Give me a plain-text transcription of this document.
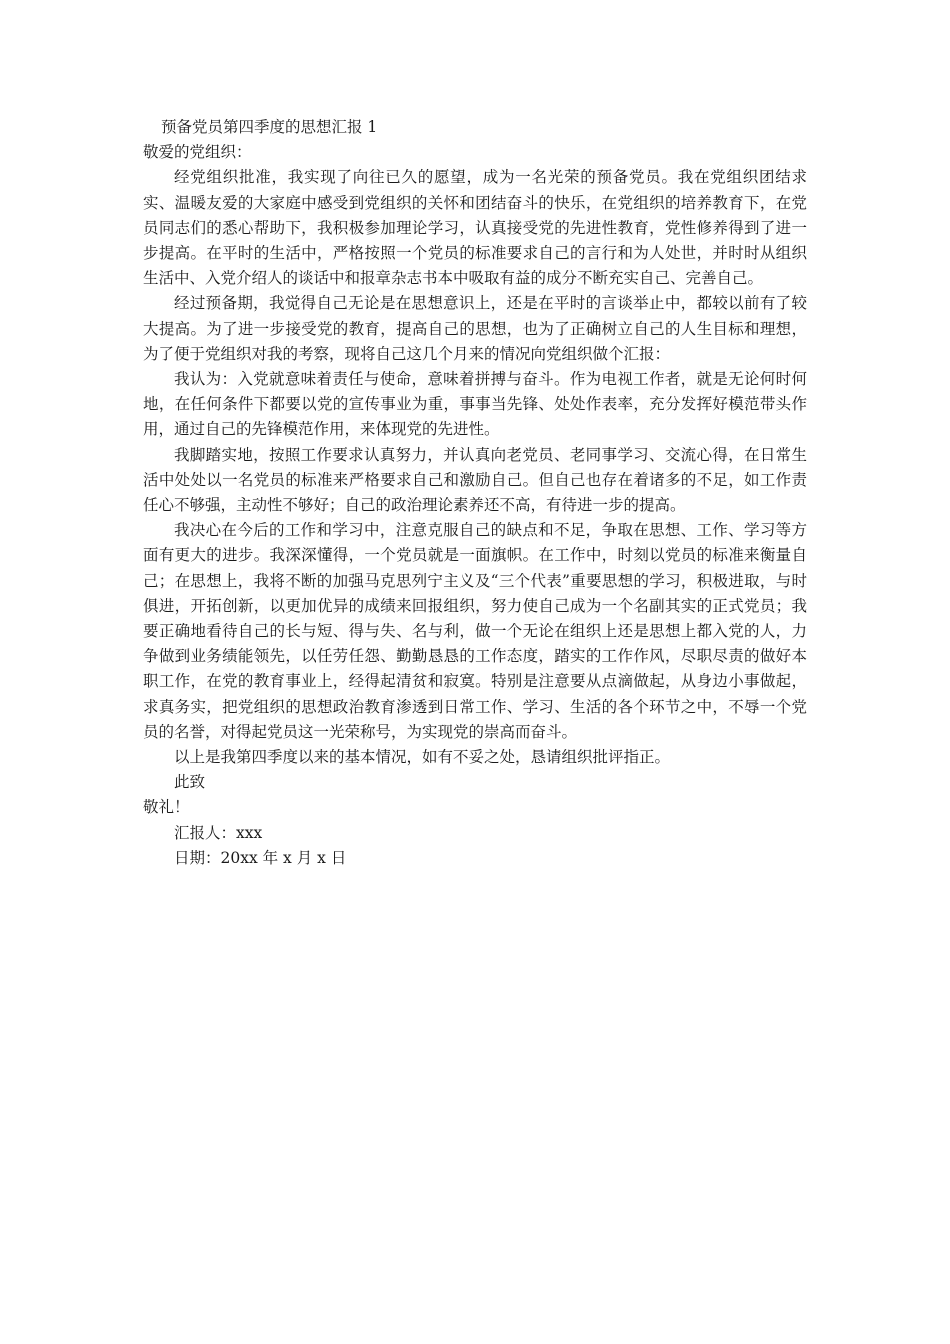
预备党员第四季度的思想汇报 1

敬爱的党组织：

经党组织批准，我实现了向往已久的愿望，成为一名光荣的预备党员。我在党组织团结求实、温暖友爱的大家庭中感受到党组织的关怀和团结奋斗的快乐，在党组织的培养教育下，在党员同志们的悉心帮助下，我积极参加理论学习，认真接受党的先进性教育，党性修养得到了进一步提高。在平时的生活中，严格按照一个党员的标准要求自己的言行和为人处世，并时时从组织生活中、入党介绍人的谈话中和报章杂志书本中吸取有益的成分不断充实自己、完善自己。

经过预备期，我觉得自己无论是在思想意识上，还是在平时的言谈举止中，都较以前有了较大提高。为了进一步接受党的教育，提高自己的思想，也为了正确树立自己的人生目标和理想，为了便于党组织对我的考察，现将自己这几个月来的情况向党组织做个汇报：

我认为：入党就意味着责任与使命，意味着拼搏与奋斗。作为电视工作者，就是无论何时何地，在任何条件下都要以党的宣传事业为重，事事当先锋、处处作表率，充分发挥好模范带头作用，通过自己的先锋模范作用，来体现党的先进性。

我脚踏实地，按照工作要求认真努力，并认真向老党员、老同事学习、交流心得，在日常生活中处处以一名党员的标准来严格要求自己和激励自己。但自己也存在着诸多的不足，如工作责任心不够强，主动性不够好；自己的政治理论素养还不高，有待进一步的提高。

我决心在今后的工作和学习中，注意克服自己的缺点和不足，争取在思想、工作、学习等方面有更大的进步。我深深懂得，一个党员就是一面旗帜。在工作中，时刻以党员的标准来衡量自己；在思想上，我将不断的加强马克思列宁主义及“三个代表”重要思想的学习，积极进取，与时俱进，开拓创新，以更加优异的成绩来回报组织，努力使自己成为一个名副其实的正式党员；我要正确地看待自己的长与短、得与失、名与利，做一个无论在组织上还是思想上都入党的人，力争做到业务绩能领先，以任劳任怨、勤勤恳恳的工作态度，踏实的工作作风，尽职尽责的做好本职工作，在党的教育事业上，经得起清贫和寂寞。特别是注意要从点滴做起，从身边小事做起，求真务实，把党组织的思想政治教育渗透到日常工作、学习、生活的各个环节之中，不辱一个党员的名誉，对得起党员这一光荣称号，为实现党的崇高而奋斗。

以上是我第四季度以来的基本情况，如有不妥之处，恳请组织批评指正。

此致

敬礼！

汇报人：xxx

日期：20xx 年 x 月 x 日
